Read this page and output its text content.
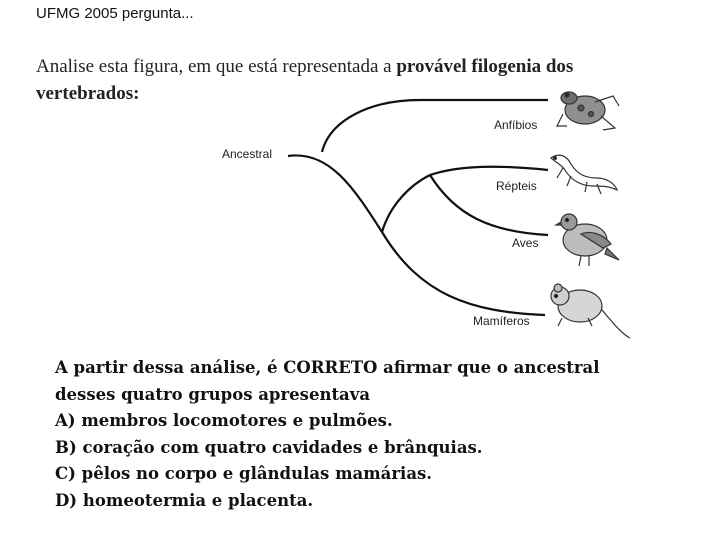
UFMG 2005 pergunta...
Analise esta figura, em que está representada a provável filogenia dos vertebrados:
Ancestral
Anfíbios
Répteis
Aves
Mamíferos
A partir dessa análise, é CORRETO afirmar que o ancestral
desses quatro grupos apresentava
A) membros locomotores e pulmões.
B) coração com quatro cavidades e brânquias.
C) pêlos no corpo e glândulas mamárias.
D) homeotermia e placenta.
